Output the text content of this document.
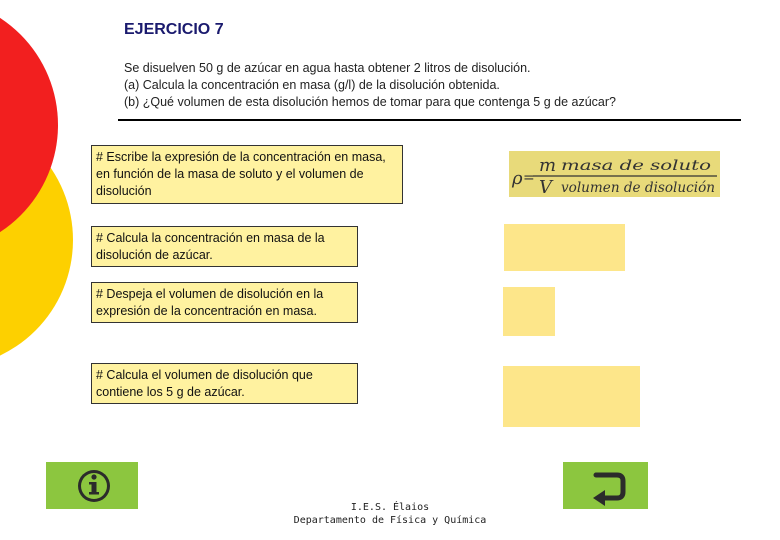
EJERCICIO 7
Se disuelven 50 g de azúcar en agua hasta obtener 2 litros de disolución.
(a) Calcula la concentración en masa (g/l) de la disolución obtenida.
(b) ¿Qué volumen de esta disolución hemos de tomar para que contenga 5 g de azúcar?
# Escribe la expresión de la concentración en masa, en función de la masa de soluto y el volumen de disolución
# Calcula la concentración en masa de la disolución de azúcar.
# Despeja el volumen de disolución en la expresión de la concentración en masa.
# Calcula el volumen de disolución que contiene los 5 g de azúcar.
ρ =
m masa de soluto
V volumen de disolución
I.E.S. Élaios
Departamento de Física y Química
